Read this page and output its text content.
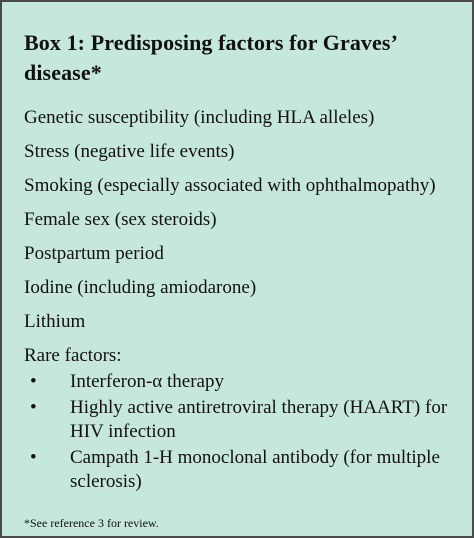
Box 1: Predisposing factors for Graves’ disease*
Genetic susceptibility (including HLA alleles)
Stress (negative life events)
Smoking (especially associated with ophthalmopathy)
Female sex (sex steroids)
Postpartum period
Iodine (including amiodarone)
Lithium
Rare factors:
• Interferon-α therapy
• Highly active antiretroviral therapy (HAART) for HIV infection
• Campath 1-H monoclonal antibody (for multiple sclerosis)
*See reference 3 for review.
